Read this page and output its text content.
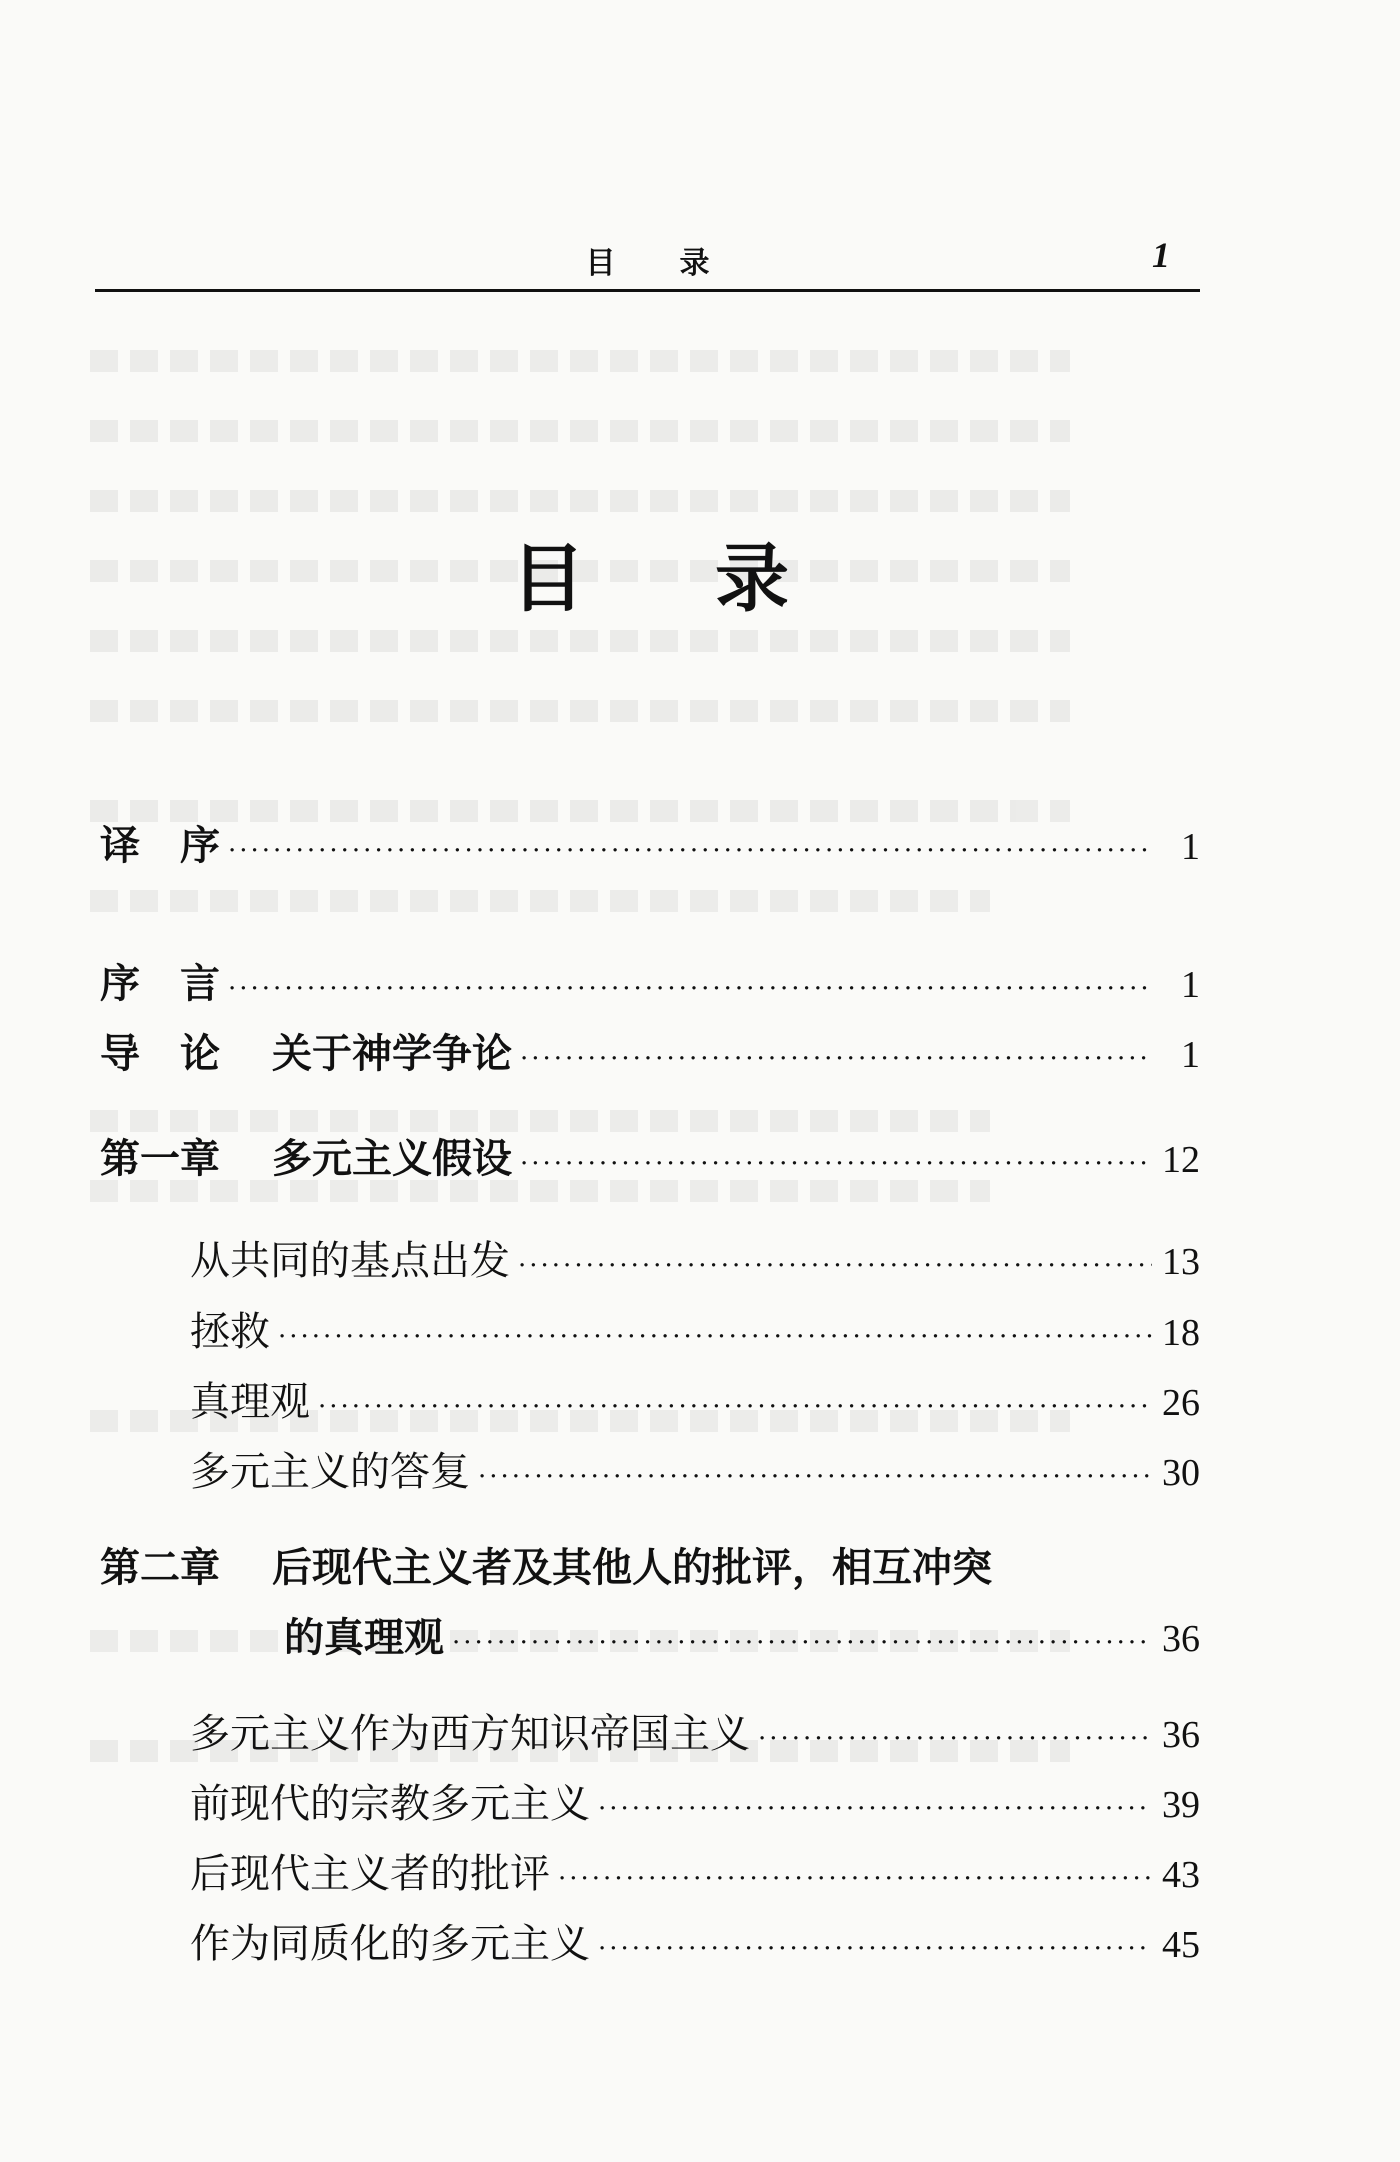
目录	1
目录
译 序 ·····	1
序 言 ·····	1
导 论 关于神学争论 ·····	1
第一章 多元主义假设 ·····	12
从共同的基点出发 ·····	13
拯救 ·····	18
真理观 ·····	26
多元主义的答复 ·····	30
第二章 后现代主义者及其他人的批评，相互冲突
的真理观 ·····	36
多元主义作为西方知识帝国主义 ·····	36
前现代的宗教多元主义 ·····	39
后现代主义者的批评 ·····	43
作为同质化的多元主义 ·····	45
